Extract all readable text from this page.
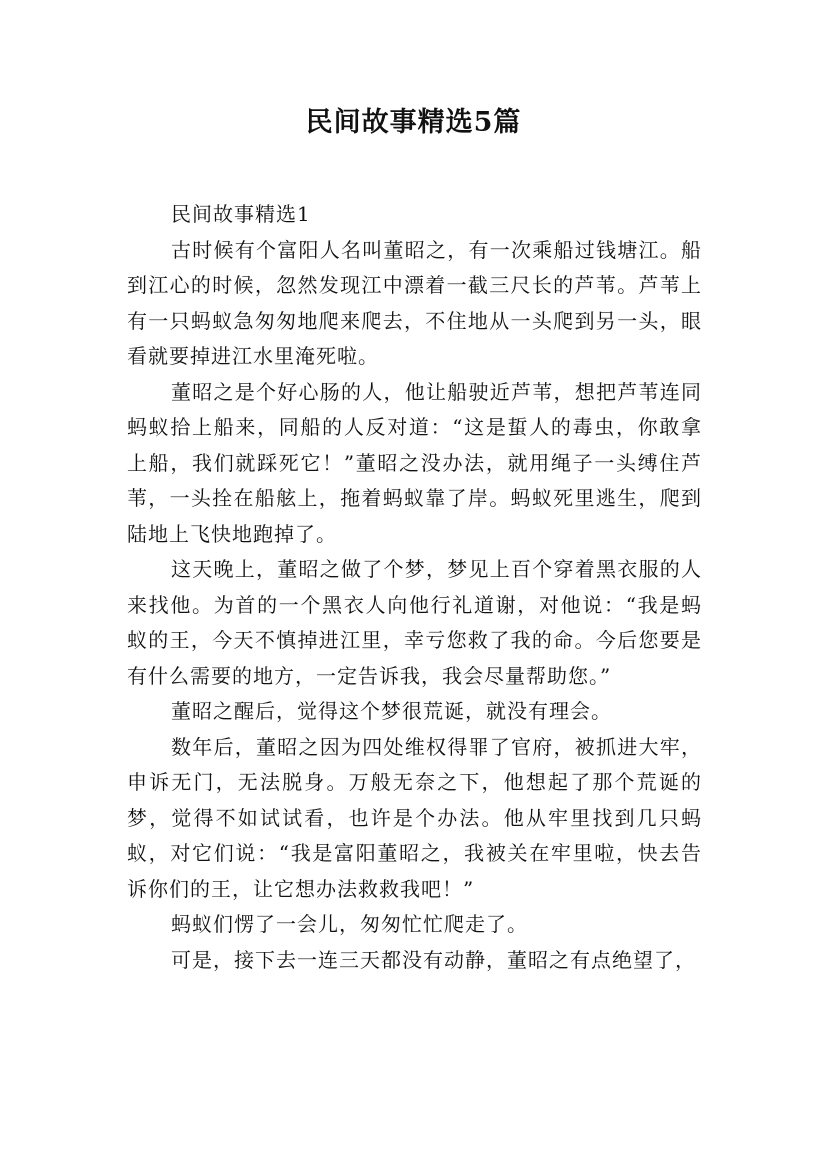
民间故事精选5篇

民间故事精选1

古时候有个富阳人名叫董昭之，有一次乘船过钱塘江。船到江心的时候，忽然发现江中漂着一截三尺长的芦苇。芦苇上有一只蚂蚁急匆匆地爬来爬去，不住地从一头爬到另一头，眼看就要掉进江水里淹死啦。

董昭之是个好心肠的人，他让船驶近芦苇，想把芦苇连同蚂蚁拾上船来，同船的人反对道：“这是蜇人的毒虫，你敢拿上船，我们就踩死它！”董昭之没办法，就用绳子一头缚住芦苇，一头拴在船舷上，拖着蚂蚁靠了岸。蚂蚁死里逃生，爬到陆地上飞快地跑掉了。

这天晚上，董昭之做了个梦，梦见上百个穿着黑衣服的人来找他。为首的一个黑衣人向他行礼道谢，对他说：“我是蚂蚁的王，今天不慎掉进江里，幸亏您救了我的命。今后您要是有什么需要的地方，一定告诉我，我会尽量帮助您。”

董昭之醒后，觉得这个梦很荒诞，就没有理会。

数年后，董昭之因为四处维权得罪了官府，被抓进大牢，申诉无门，无法脱身。万般无奈之下，他想起了那个荒诞的梦，觉得不如试试看，也许是个办法。他从牢里找到几只蚂蚁，对它们说：“我是富阳董昭之，我被关在牢里啦，快去告诉你们的王，让它想办法救救我吧！”

蚂蚁们愣了一会儿，匆匆忙忙爬走了。

可是，接下去一连三天都没有动静，董昭之有点绝望了，
